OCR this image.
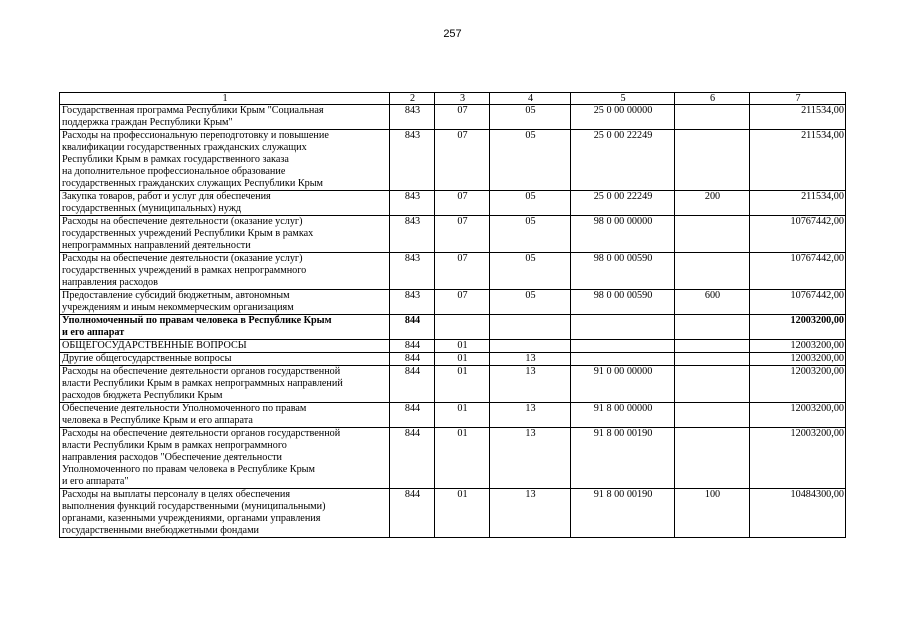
257
1	2	3	4	5	6	7
Государственная программа Республики Крым "Социальная
поддержка граждан Республики Крым"	843	07	05	25 0 00 00000		211534,00
Расходы на профессиональную переподготовку и повышение
квалификации государственных гражданских служащих
Республики Крым в рамках государственного заказа
на дополнительное профессиональное образование
государственных гражданских служащих Республики Крым	843	07	05	25 0 00 22249		211534,00
Закупка товаров, работ и услуг для обеспечения
государственных (муниципальных) нужд	843	07	05	25 0 00 22249	200	211534,00
Расходы на обеспечение деятельности (оказание услуг)
государственных учреждений Республики Крым в рамках
непрограммных направлений деятельности	843	07	05	98 0 00 00000		10767442,00
Расходы на обеспечение деятельности (оказание услуг)
государственных учреждений в рамках непрограммного
направления расходов	843	07	05	98 0 00 00590		10767442,00
Предоставление субсидий бюджетным, автономным
учреждениям и иным некоммерческим организациям	843	07	05	98 0 00 00590	600	10767442,00
Уполномоченный по правам человека в Республике Крым
и его аппарат	844					12003200,00
ОБЩЕГОСУДАРСТВЕННЫЕ ВОПРОСЫ	844	01				12003200,00
Другие общегосударственные вопросы	844	01	13			12003200,00
Расходы на обеспечение деятельности органов государственной
власти Республики Крым в рамках непрограммных направлений
расходов бюджета Республики Крым	844	01	13	91 0 00 00000		12003200,00
Обеспечение деятельности Уполномоченного по правам
человека в Республике Крым и его аппарата	844	01	13	91 8 00 00000		12003200,00
Расходы на обеспечение деятельности органов государственной
власти Республики Крым в рамках непрограммного
направления расходов "Обеспечение деятельности
Уполномоченного по правам человека в Республике Крым
и его аппарата"	844	01	13	91 8 00 00190		12003200,00
Расходы на выплаты персоналу в целях обеспечения
выполнения функций государственными (муниципальными)
органами, казенными учреждениями, органами управления
государственными внебюджетными фондами	844	01	13	91 8 00 00190	100	10484300,00
